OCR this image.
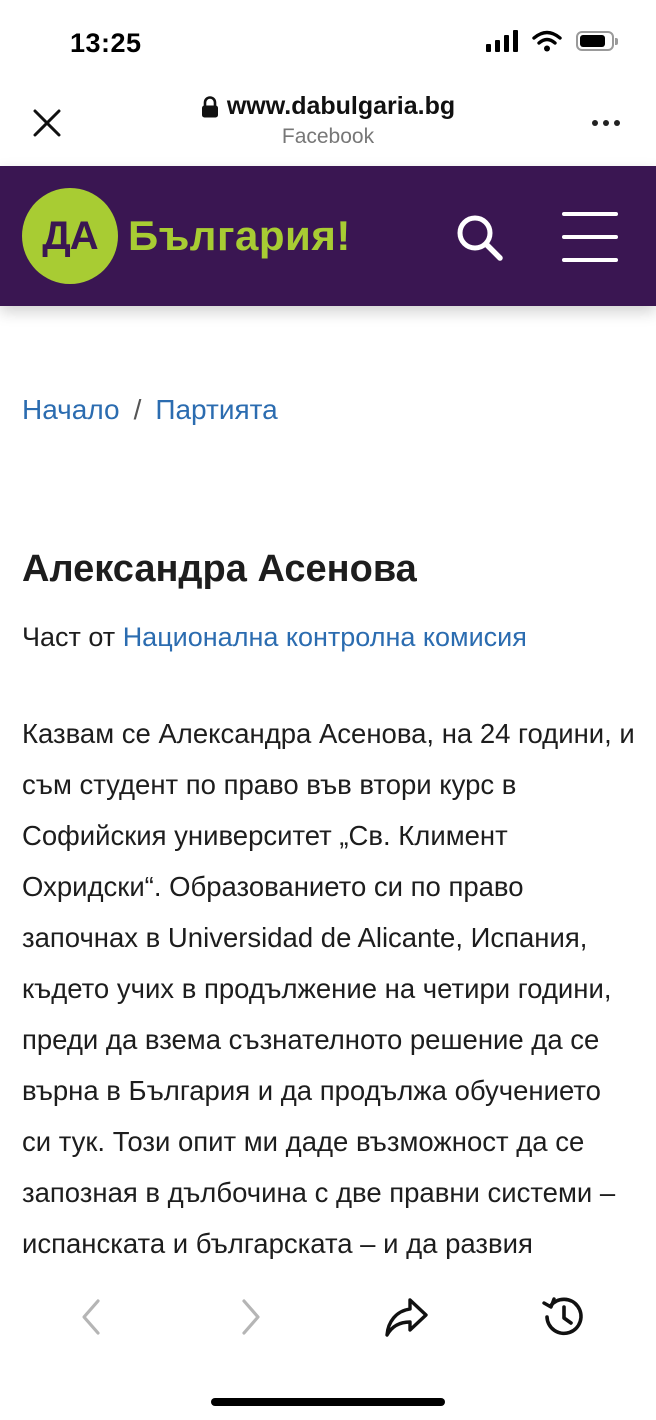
13:25
www.dabulgaria.bg
Facebook
ДА България!
Начало / Партията
Александра Асенова
Част от Национална контролна комисия
Казвам се Александра Асенова, на 24 години, и
съм студент по право във втори курс в
Софийския университет „Св. Климент
Охридски“. Образованието си по право
започнах в Universidad de Alicante, Испания,
където учих в продължение на четири години,
преди да взема съзнателното решение да се
върна в България и да продължа обучението
си тук. Този опит ми даде възможност да се
запозная в дълбочина с две правни системи –
испанската и българската – и да развия
